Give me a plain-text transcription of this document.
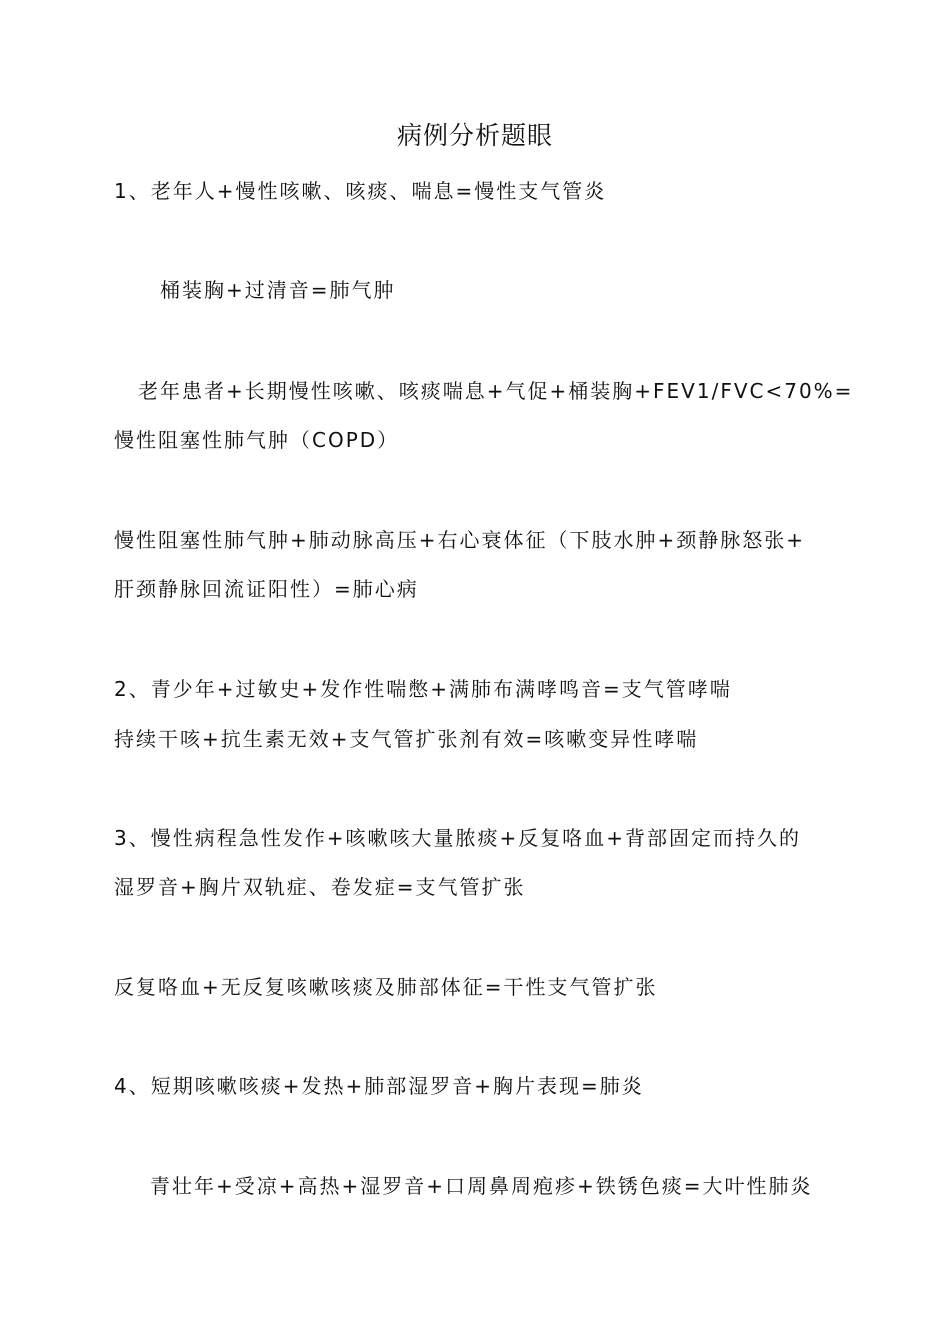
病例分析题眼
1、老年人+慢性咳嗽、咳痰、喘息=慢性支气管炎
桶装胸+过清音=肺气肿
老年患者+长期慢性咳嗽、咳痰喘息+气促+桶装胸+FEV1/FVC<70%=
慢性阻塞性肺气肿（COPD）
慢性阻塞性肺气肿+肺动脉高压+右心衰体征（下肢水肿+颈静脉怒张+
肝颈静脉回流证阳性）=肺心病
2、青少年+过敏史+发作性喘憋+满肺布满哮鸣音=支气管哮喘
持续干咳+抗生素无效+支气管扩张剂有效=咳嗽变异性哮喘
3、慢性病程急性发作+咳嗽咳大量脓痰+反复咯血+背部固定而持久的
湿罗音+胸片双轨症、卷发症=支气管扩张
反复咯血+无反复咳嗽咳痰及肺部体征=干性支气管扩张
4、短期咳嗽咳痰+发热+肺部湿罗音+胸片表现=肺炎
青壮年+受凉+高热+湿罗音+口周鼻周疱疹+铁锈色痰=大叶性肺炎
